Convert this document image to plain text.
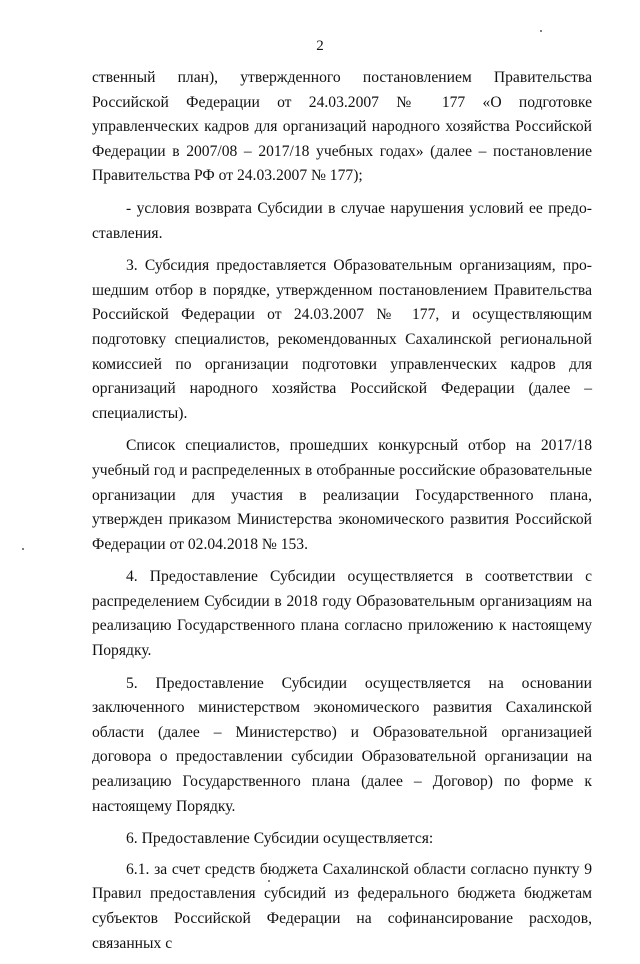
2

ственный план), утвержденного постановлением Правительства Российской Федерации от 24.03.2007 № 177 «О подготовке управленческих кадров для организаций народного хозяйства Российской Федерации в 2007/08 – 2017/18 учебных годах» (далее – постановление Правительства РФ от 24.03.2007 № 177);

- условия возврата Субсидии в случае нарушения условий ее предоставления.

3. Субсидия предоставляется Образовательным организациям, прошедшим отбор в порядке, утвержденном постановлением Правительства Российской Федерации от 24.03.2007 № 177, и осуществляющим подготовку специалистов, рекомендованных Сахалинской региональной комиссией по организации подготовки управленческих кадров для организаций народного хозяйства Российской Федерации (далее – специалисты).

Список специалистов, прошедших конкурсный отбор на 2017/18 учебный год и распределенных в отобранные российские образовательные организации для участия в реализации Государственного плана, утвержден приказом Министерства экономического развития Российской Федерации от 02.04.2018 № 153.

4. Предоставление Субсидии осуществляется в соответствии с распределением Субсидии в 2018 году Образовательным организациям на реализацию Государственного плана согласно приложению к настоящему Порядку.

5. Предоставление Субсидии осуществляется на основании заключенного министерством экономического развития Сахалинской области (далее – Министерство) и Образовательной организацией договора о предоставлении субсидии Образовательной организации на реализацию Государственного плана (далее – Договор) по форме к настоящему Порядку.

6. Предоставление Субсидии осуществляется:

6.1. за счет средств бюджета Сахалинской области согласно пункту 9 Правил предоставления субсидий из федерального бюджета бюджетам субъектов Российской Федерации на софинансирование расходов, связанных с
